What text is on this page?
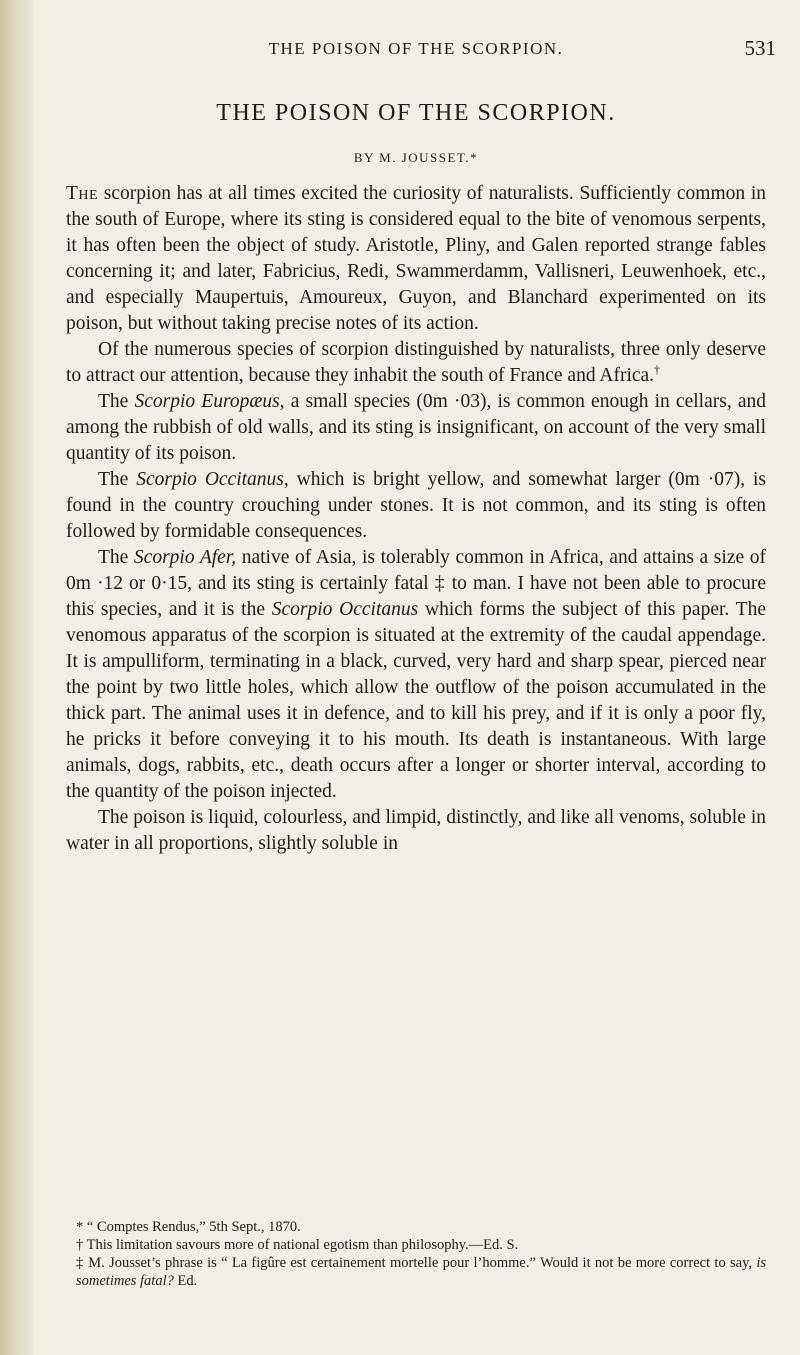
THE POISON OF THE SCORPION.	531
THE POISON OF THE SCORPION.
BY M. JOUSSET.*

The scorpion has at all times excited the curiosity of naturalists. Sufficiently common in the south of Europe, where its sting is considered equal to the bite of venomous serpents, it has often been the object of study. Aristotle, Pliny, and Galen reported strange fables concerning it; and later, Fabricius, Redi, Swammerdamm, Vallisneri, Leuwenhoek, etc., and especially Maupertuis, Amoureux, Guyon, and Blanchard experimented on its poison, but without taking precise notes of its action.

Of the numerous species of scorpion distinguished by naturalists, three only deserve to attract our attention, because they inhabit the south of France and Africa.†

The Scorpio Europæus, a small species (0m ·03), is common enough in cellars, and among the rubbish of old walls, and its sting is insignificant, on account of the very small quantity of its poison.

The Scorpio Occitanus, which is bright yellow, and somewhat larger (0m ·07), is found in the country crouching under stones. It is not common, and its sting is often followed by formidable consequences.

The Scorpio Afer, native of Asia, is tolerably common in Africa, and attains a size of 0m ·12 or 0·15, and its sting is certainly fatal ‡ to man. I have not been able to procure this species, and it is the Scorpio Occitanus which forms the subject of this paper. The venomous apparatus of the scorpion is situated at the extremity of the caudal appendage. It is ampulliform, terminating in a black, curved, very hard and sharp spear, pierced near the point by two little holes, which allow the outflow of the poison accumulated in the thick part. The animal uses it in defence, and to kill his prey, and if it is only a poor fly, he pricks it before conveying it to his mouth. Its death is instantaneous. With large animals, dogs, rabbits, etc., death occurs after a longer or shorter interval, according to the quantity of the poison injected.

The poison is liquid, colourless, and limpid, distinctly, and like all venoms, soluble in water in all proportions, slightly soluble in

* “ Comptes Rendus,” 5th Sept., 1870.

† This limitation savours more of national egotism than philosophy.—Ed. S.

‡ M. Jousset’s phrase is “ La figûre est certainement mortelle pour l’homme.” Would it not be more correct to say, is sometimes fatal? Ed.
